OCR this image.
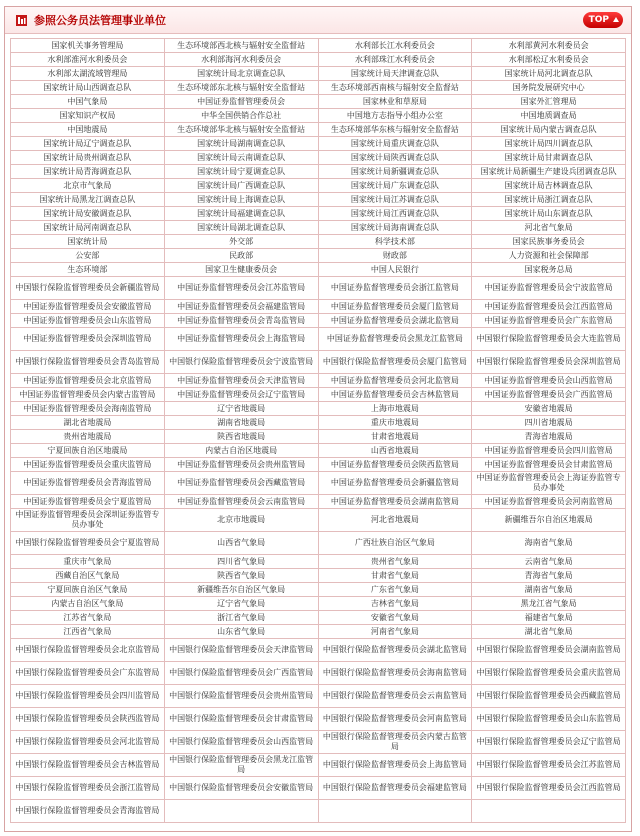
参照公务员法管理事业单位	TOP
国家机关事务管理局	生态环境部西北核与辐射安全监督站	水利部长江水利委员会	水利部黄河水利委员会
水利部淮河水利委员会	水利部海河水利委员会	水利部珠江水利委员会	水利部松辽水利委员会
水利部太湖流域管理局	国家统计局北京调查总队	国家统计局天津调查总队	国家统计局河北调查总队
国家统计局山西调查总队	生态环境部东北核与辐射安全监督站	生态环境部西南核与辐射安全监督站	国务院发展研究中心
中国气象局	中国证券监督管理委员会	国家林业和草原局	国家外汇管理局
国家知识产权局	中华全国供销合作总社	中国地方志指导小组办公室	中国地质调查局
中国地震局	生态环境部华北核与辐射安全监督站	生态环境部华东核与辐射安全监督站	国家统计局内蒙古调查总队
国家统计局辽宁调查总队	国家统计局湖南调查总队	国家统计局重庆调查总队	国家统计局四川调查总队
国家统计局贵州调查总队	国家统计局云南调查总队	国家统计局陕西调查总队	国家统计局甘肃调查总队
国家统计局青海调查总队	国家统计局宁夏调查总队	国家统计局新疆调查总队	国家统计局新疆生产建设兵团调查总队
北京市气象局	国家统计局广西调查总队	国家统计局广东调查总队	国家统计局吉林调查总队
国家统计局黑龙江调查总队	国家统计局上海调查总队	国家统计局江苏调查总队	国家统计局浙江调查总队
国家统计局安徽调查总队	国家统计局福建调查总队	国家统计局江西调查总队	国家统计局山东调查总队
国家统计局河南调查总队	国家统计局湖北调查总队	国家统计局海南调查总队	河北省气象局
国家统计局	外交部	科学技术部	国家民族事务委员会
公安部	民政部	财政部	人力资源和社会保障部
生态环境部	国家卫生健康委员会	中国人民银行	国家税务总局
中国银行保险监督管理委员会新疆监管局	中国证券监督管理委员会江苏监管局	中国证券监督管理委员会浙江监管局	中国证券监督管理委员会宁波监管局
中国证券监督管理委员会安徽监管局	中国证券监督管理委员会福建监管局	中国证券监督管理委员会厦门监管局	中国证券监督管理委员会江西监管局
中国证券监督管理委员会山东监管局	中国证券监督管理委员会青岛监管局	中国证券监督管理委员会湖北监管局	中国证券监督管理委员会广东监管局
中国证券监督管理委员会深圳监管局	中国证券监督管理委员会上海监管局	中国证券监督管理委员会黑龙江监管局	中国银行保险监督管理委员会大连监管局
中国银行保险监督管理委员会青岛监管局	中国银行保险监督管理委员会宁波监管局	中国银行保险监督管理委员会厦门监管局	中国银行保险监督管理委员会深圳监管局
中国证券监督管理委员会北京监管局	中国证券监督管理委员会天津监管局	中国证券监督管理委员会河北监管局	中国证券监督管理委员会山西监管局
中国证券监督管理委员会内蒙古监管局	中国证券监督管理委员会辽宁监管局	中国证券监督管理委员会吉林监管局	中国证券监督管理委员会广西监管局
中国证券监督管理委员会海南监管局	辽宁省地震局	上海市地震局	安徽省地震局
湖北省地震局	湖南省地震局	重庆市地震局	四川省地震局
贵州省地震局	陕西省地震局	甘肃省地震局	青海省地震局
宁夏回族自治区地震局	内蒙古自治区地震局	山西省地震局	中国证券监督管理委员会四川监管局
中国证券监督管理委员会重庆监管局	中国证券监督管理委员会贵州监管局	中国证券监督管理委员会陕西监管局	中国证券监督管理委员会甘肃监管局
中国证券监督管理委员会青海监管局	中国证券监督管理委员会西藏监管局	中国证券监督管理委员会新疆监管局	中国证券监督管理委员会上海证券监管专员办事处
中国证券监督管理委员会宁夏监管局	中国证券监督管理委员会云南监管局	中国证券监督管理委员会湖南监管局	中国证券监督管理委员会河南监管局
中国证券监督管理委员会深圳证券监管专员办事处	北京市地震局	河北省地震局	新疆维吾尔自治区地震局
中国银行保险监督管理委员会宁夏监管局	山西省气象局	广西壮族自治区气象局	海南省气象局
重庆市气象局	四川省气象局	贵州省气象局	云南省气象局
西藏自治区气象局	陕西省气象局	甘肃省气象局	青海省气象局
宁夏回族自治区气象局	新疆维吾尔自治区气象局	广东省气象局	湖南省气象局
内蒙古自治区气象局	辽宁省气象局	吉林省气象局	黑龙江省气象局
江苏省气象局	浙江省气象局	安徽省气象局	福建省气象局
江西省气象局	山东省气象局	河南省气象局	湖北省气象局
中国银行保险监督管理委员会北京监管局	中国银行保险监督管理委员会天津监管局	中国银行保险监督管理委员会湖北监管局	中国银行保险监督管理委员会湖南监管局
中国银行保险监督管理委员会广东监管局	中国银行保险监督管理委员会广西监管局	中国银行保险监督管理委员会海南监管局	中国银行保险监督管理委员会重庆监管局
中国银行保险监督管理委员会四川监管局	中国银行保险监督管理委员会贵州监管局	中国银行保险监督管理委员会云南监管局	中国银行保险监督管理委员会西藏监管局
中国银行保险监督管理委员会陕西监管局	中国银行保险监督管理委员会甘肃监管局	中国银行保险监督管理委员会河南监管局	中国银行保险监督管理委员会山东监管局
中国银行保险监督管理委员会河北监管局	中国银行保险监督管理委员会山西监管局	中国银行保险监督管理委员会内蒙古监管局	中国银行保险监督管理委员会辽宁监管局
中国银行保险监督管理委员会吉林监管局	中国银行保险监督管理委员会黑龙江监管局	中国银行保险监督管理委员会上海监管局	中国银行保险监督管理委员会江苏监管局
中国银行保险监督管理委员会浙江监管局	中国银行保险监督管理委员会安徽监管局	中国银行保险监督管理委员会福建监管局	中国银行保险监督管理委员会江西监管局
中国银行保险监督管理委员会青海监管局			
